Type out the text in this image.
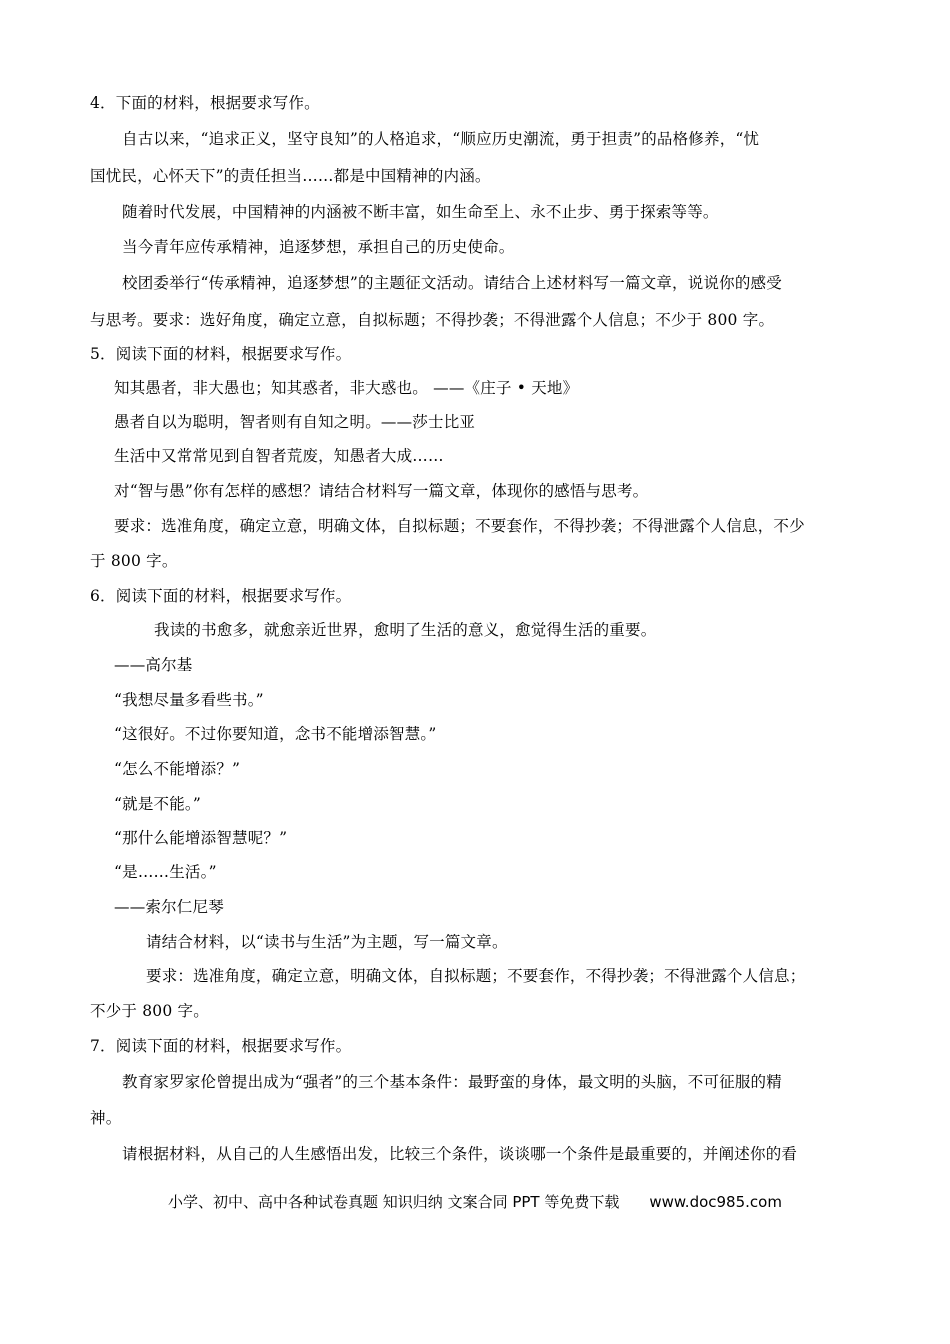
4．下面的材料，根据要求写作。
自古以来，“追求正义，坚守良知”的人格追求，“顺应历史潮流，勇于担责”的品格修养，“忧
国忧民，心怀天下”的责任担当……都是中国精神的内涵。
随着时代发展，中国精神的内涵被不断丰富，如生命至上、永不止步、勇于探索等等。
当今青年应传承精神，追逐梦想，承担自己的历史使命。
校团委举行“传承精神，追逐梦想”的主题征文活动。请结合上述材料写一篇文章，说说你的感受
与思考。要求：选好角度，确定立意，自拟标题；不得抄袭；不得泄露个人信息；不少于 800 字。
5．阅读下面的材料，根据要求写作。
知其愚者，非大愚也；知其惑者，非大惑也。 ——《庄子 • 天地》
愚者自以为聪明，智者则有自知之明。——莎士比亚
生活中又常常见到自智者荒废，知愚者大成……
对“智与愚”你有怎样的感想？请结合材料写一篇文章，体现你的感悟与思考。
要求：选准角度，确定立意，明确文体，自拟标题；不要套作，不得抄袭；不得泄露个人信息，不少
于 800 字。
6．阅读下面的材料，根据要求写作。
我读的书愈多，就愈亲近世界，愈明了生活的意义，愈觉得生活的重要。
——高尔基
“我想尽量多看些书。”
“这很好。不过你要知道，念书不能增添智慧。”
“怎么不能增添？”
“就是不能。”
“那什么能增添智慧呢？”
“是……生活。”
——索尔仁尼琴
请结合材料，以“读书与生活”为主题，写一篇文章。
要求：选准角度，确定立意，明确文体，自拟标题；不要套作，不得抄袭；不得泄露个人信息；
不少于 800 字。
7．阅读下面的材料，根据要求写作。
教育家罗家伦曾提出成为“强者”的三个基本条件：最野蛮的身体，最文明的头脑，不可征服的精
神。
请根据材料，从自己的人生感悟出发，比较三个条件，谈谈哪一个条件是最重要的，并阐述你的看
小学、初中、高中各种试卷真题 知识归纳 文案合同 PPT 等免费下载 www.doc985.com
